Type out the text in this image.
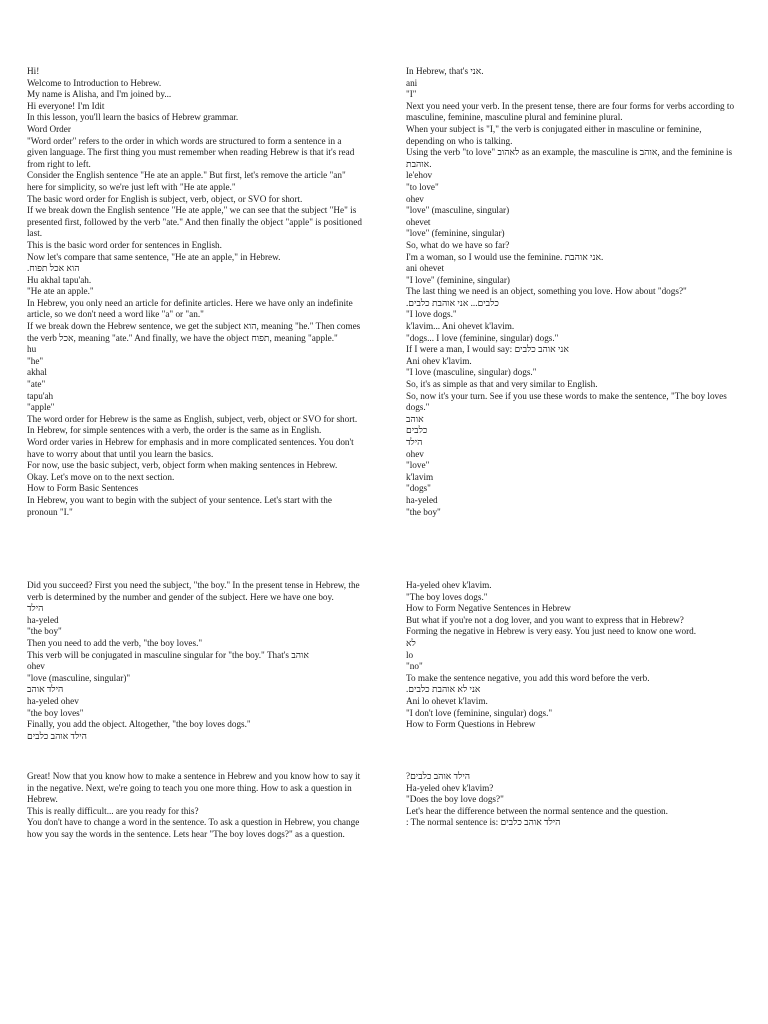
Hi!

Welcome to Introduction to Hebrew.

My name is Alisha, and I'm joined by...

Hi everyone! I'm Idit

In this lesson, you'll learn the basics of Hebrew grammar.

Word Order

"Word order" refers to the order in which words are structured to form a sentence in a given language. The first thing you must remember when reading Hebrew is that it's read from right to left.

Consider the English sentence "He ate an apple." But first, let's remove the article "an" here for simplicity, so we're just left with "He ate apple."

The basic word order for English is subject, verb, object, or SVO for short.

If we break down the English sentence "He ate apple," we can see that the subject "He" is presented first, followed by the verb "ate." And then finally the object "apple" is positioned last.

This is the basic word order for sentences in English.

Now let's compare that same sentence, "He ate an apple," in Hebrew.

הוא אכל תפוח.

Hu akhal tapu'ah.

"He ate an apple."

In Hebrew, you only need an article for definite articles. Here we have only an indefinite article, so we don't need a word like "a" or "an."

If we break down the Hebrew sentence, we get the subject הוא, meaning "he." Then comes the verb אכל, meaning "ate." And finally, we have the object תפוח, meaning "apple."

hu

"he"

akhal

"ate"

tapu'ah

"apple"

The word order for Hebrew is the same as English, subject, verb, object or SVO for short.

In Hebrew, for simple sentences with a verb, the order is the same as in English.

Word order varies in Hebrew for emphasis and in more complicated sentences. You don't have to worry about that until you learn the basics.

For now, use the basic subject, verb, object form when making sentences in Hebrew.

Okay. Let's move on to the next section.

How to Form Basic Sentences

In Hebrew, you want to begin with the subject of your sentence. Let's start with the pronoun "I."

In Hebrew, that's אני.

ani

"I"

Next you need your verb. In the present tense, there are four forms for verbs according to masculine, feminine, masculine plural and feminine plural.

When your subject is "I," the verb is conjugated either in masculine or feminine, depending on who is talking.

Using the verb "to love" לאהוב as an example, the masculine is אוהב, and the feminine is אוהבת.

le'ehov

"to love"

ohev

"love" (masculine, singular)

ohevet

"love" (feminine, singular)

So, what do we have so far?

I'm a woman, so I would use the feminine. אני אוהבת.

ani ohevet

"I love" (feminine, singular)

The last thing we need is an object, something you love. How about "dogs?"

כלבים... אני אוהבת כלבים.

"I love dogs."

k'lavim... Ani ohevet k'lavim.

"dogs... I love (feminine, singular) dogs."

If I were a man, I would say: אני אוהב כלבים

Ani ohev k'lavim.

"I love (masculine, singular) dogs."

So, it's as simple as that and very similar to English.

So, now it's your turn. See if you use these words to make the sentence, "The boy loves dogs."

אוהב

כלבים

הילד

ohev

"love"

k'lavim

"dogs"

ha-yeled

"the boy"

Did you succeed? First you need the subject, "the boy." In the present tense in Hebrew, the verb is determined by the number and gender of the subject. Here we have one boy.

הילד

ha-yeled

"the boy"

Then you need to add the verb, "the boy loves."

This verb will be conjugated in masculine singular for "the boy." That's אוהב

ohev

"love (masculine, singular)"

הילד אוהב

ha-yeled ohev

"the boy loves"

Finally, you add the object. Altogether, "the boy loves dogs."

הילד אוהב כלבים

Ha-yeled ohev k'lavim.

"The boy loves dogs."

How to Form Negative Sentences in Hebrew

But what if you're not a dog lover, and you want to express that in Hebrew?

Forming the negative in Hebrew is very easy. You just need to know one word.

לא

lo

"no"

To make the sentence negative, you add this word before the verb.

אני לא אוהבת כלבים.

Ani lo ohevet k'lavim.

"I don't love (feminine, singular) dogs."

How to Form Questions in Hebrew

Great! Now that you know how to make a sentence in Hebrew and you know how to say it in the negative. Next, we're going to teach you one more thing. How to ask a question in Hebrew.

This is really difficult... are you ready for this?

You don't have to change a word in the sentence. To ask a question in Hebrew, you change how you say the words in the sentence. Lets hear "The boy loves dogs?" as a question.

הילד אוהב כלבים?

Ha-yeled ohev k'lavim?

"Does the boy love dogs?"

Let's hear the difference between the normal sentence and the question.

: The normal sentence is: הילד אוהב כלבים
